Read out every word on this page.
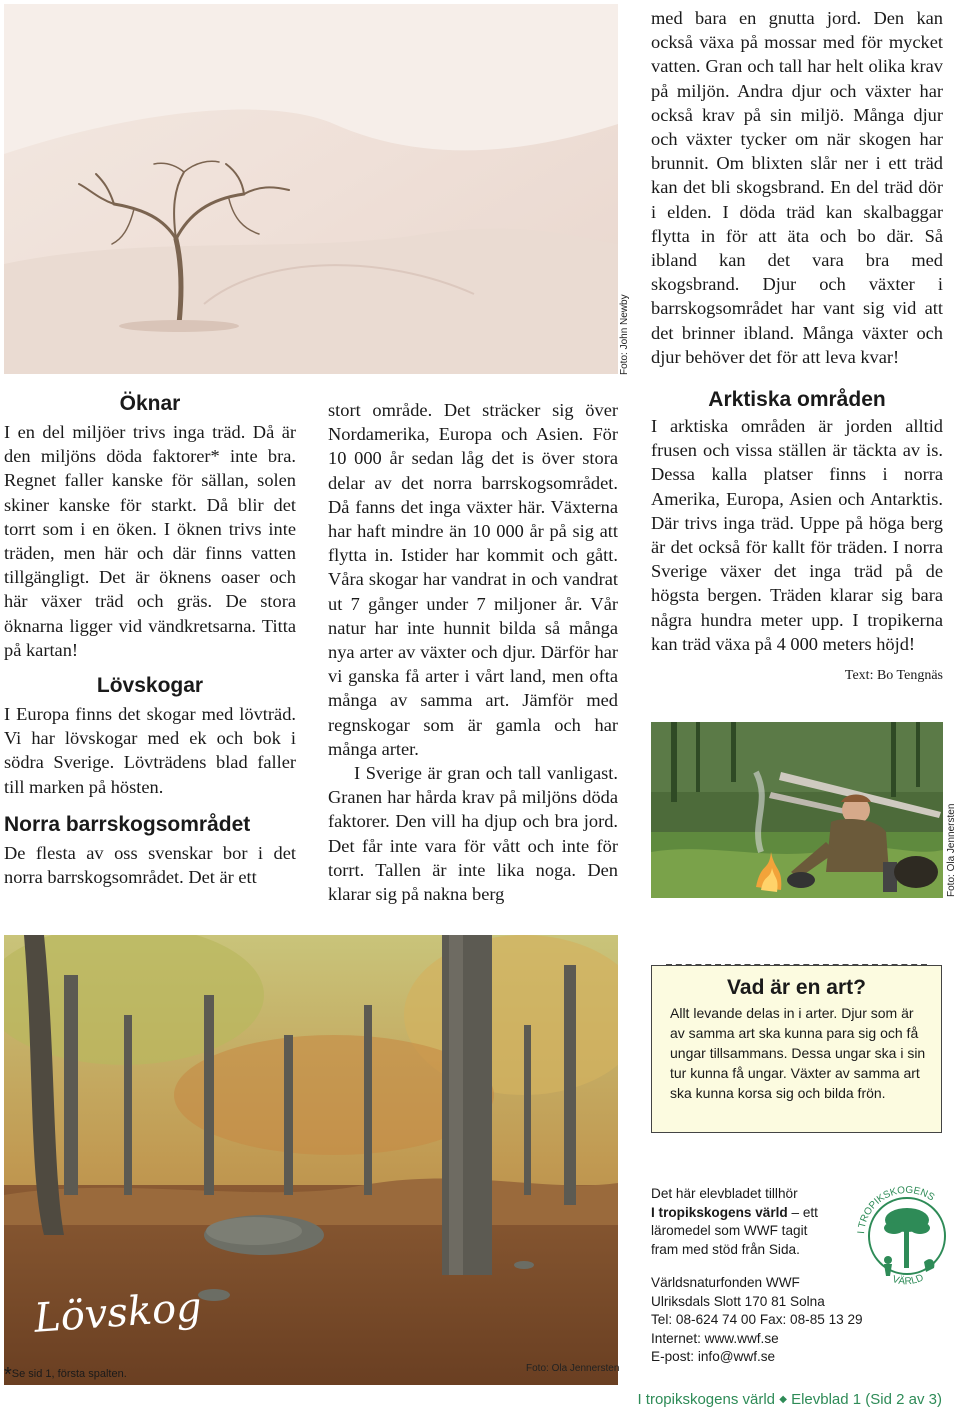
Foto: John Newby
med bara en gnutta jord. Den kan också växa på mossar med för mycket vatten. Gran och tall har helt olika krav på miljön. Andra djur och växter har också krav på sin miljö. Många djur och växter tycker om när skogen har brunnit. Om blixten slår ner i ett träd kan det bli skogsbrand. En del träd dör i elden. I döda träd kan skalbaggar flytta in för att äta och bo där. Så ibland kan det vara bra med skogsbrand. Djur och växter i barrskogsområdet har vant sig vid att det brinner ibland. Många växter och djur behöver det för att leva kvar!
Öknar
I en del miljöer trivs inga träd. Då är den miljöns döda faktorer* inte bra. Regnet faller kanske för sällan, solen skiner kanske för starkt. Då blir det torrt som i en öken. I öknen trivs inte träden, men här och där finns vatten tillgängligt. Det är öknens oaser och här växer träd och gräs. De stora öknarna ligger vid vändkretsarna. Titta på kartan!
Lövskogar
I Europa finns det skogar med lövträd. Vi har lövskogar med ek och bok i södra Sverige. Lövträdens blad faller till marken på hösten.
Norra barrskogsområdet
De flesta av oss svenskar bor i det norra barrskogsområdet. Det är ett

stort område. Det sträcker sig över Nordamerika, Europa och Asien. För 10 000 år sedan låg det is över stora delar av det norra barrskogsområdet. Då fanns det inga växter här. Växterna har haft mindre än 10 000 år på sig att flytta in. Istider har kommit och gått. Våra skogar har vandrat in och vandrat ut 7 gånger under 7 miljoner år. Vår natur har inte hunnit bilda så många nya arter av växter och djur. Därför har vi ganska få arter i vårt land, men ofta många av samma art. Jämför med regnskogar som är gamla och har många arter.

I Sverige är gran och tall vanligast. Granen har hårda krav på miljöns döda faktorer. Den vill ha djup och bra jord. Det får inte vara för vått och inte för torrt. Tallen är inte lika noga. Den klarar sig på nakna berg

Arktiska områden
I arktiska områden är jorden alltid frusen och vissa ställen är täckta av is. Dessa kalla platser finns i norra Amerika, Europa, Asien och Antarktis. Där trivs inga träd. Uppe på höga berg är det också för kallt för träden. I norra Sverige växer det inga träd på de högsta bergen. Träden klarar sig bara några hundra meter upp. I tropikerna kan träd växa på 4 000 meters höjd!
Text: Bo Tengnäs
Foto: Ola Jennersten
Lövskog
Foto: Ola Jennersten
*Se sid 1, första spalten.
Vad är en art?
Allt levande delas in i arter. Djur som är av samma art ska kunna para sig och få ungar tillsammans. Dessa ungar ska i sin tur kunna få ungar. Växter av samma art ska kunna korsa sig och bilda frön.
Det här elevbladet tillhör
I tropikskogens värld – ett
läromedel som WWF tagit
fram med stöd från Sida.
Världsnaturfonden WWF
Ulriksdals Slott 170 81 Solna
Tel: 08-624 74 00 Fax: 08-85 13 29
Internet: www.wwf.se
E-post: info@wwf.se
I TROPIKSKOGENS
VÄRLD
I tropikskogens värld ◆ Elevblad 1 (Sid 2 av 3)
